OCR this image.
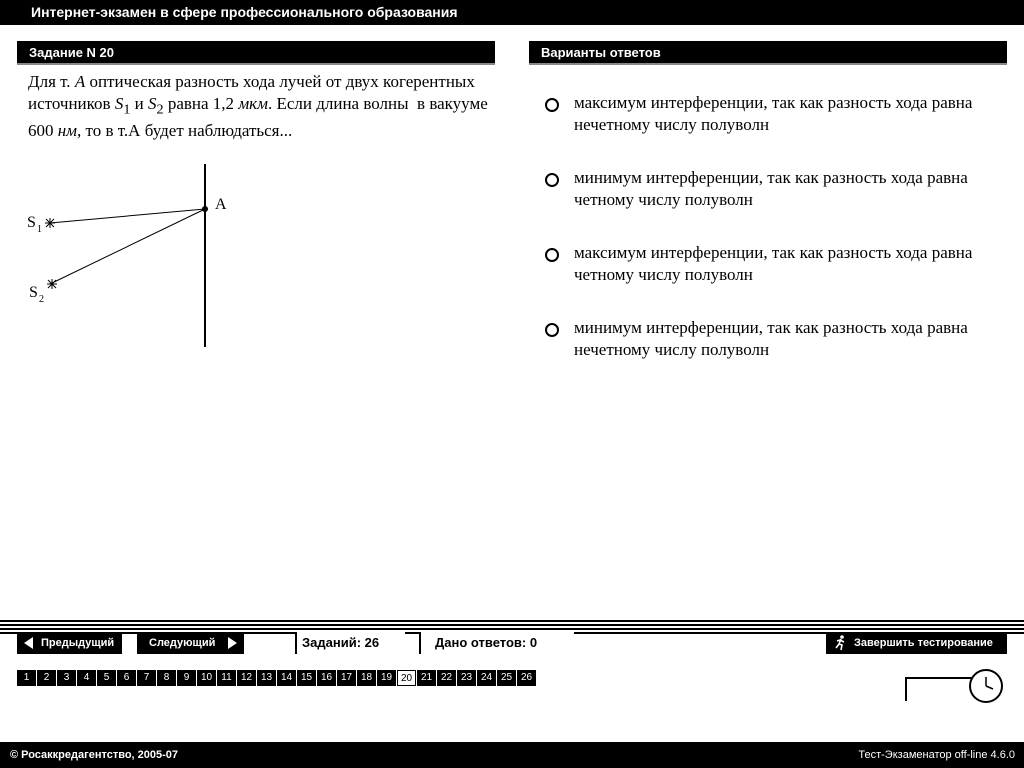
Интернет-экзамен в сфере профессионального образования
Задание N 20	Варианты ответов
Для т. A оптическая разность хода лучей от двух когерентных источников $S_1$ и $S_2$ равна 1,2 мкм. Если длина волны  в вакууме 600 нм, то в т.А будет наблюдаться...
A
S 1
S 2
максимум интерференции, так как разность хода равна нечетному числу полуволн
минимум интерференции, так как разность хода равна четному числу полуволн
максимум интерференции, так как разность хода равна четному числу полуволн
минимум интерференции, так как разность хода равна нечетному числу полуволн
Предыдущий	Следующий	Заданий: 26	Дано ответов: 0	Завершить тестирование
1	2	3	4	5	6	7	8	9	10 11 12 13 14 15 16 17 18 19 20 21 22 23 24 25 26
© Росаккредагентство, 2005-07	Тест-Экзаменатор off-line 4.6.0
